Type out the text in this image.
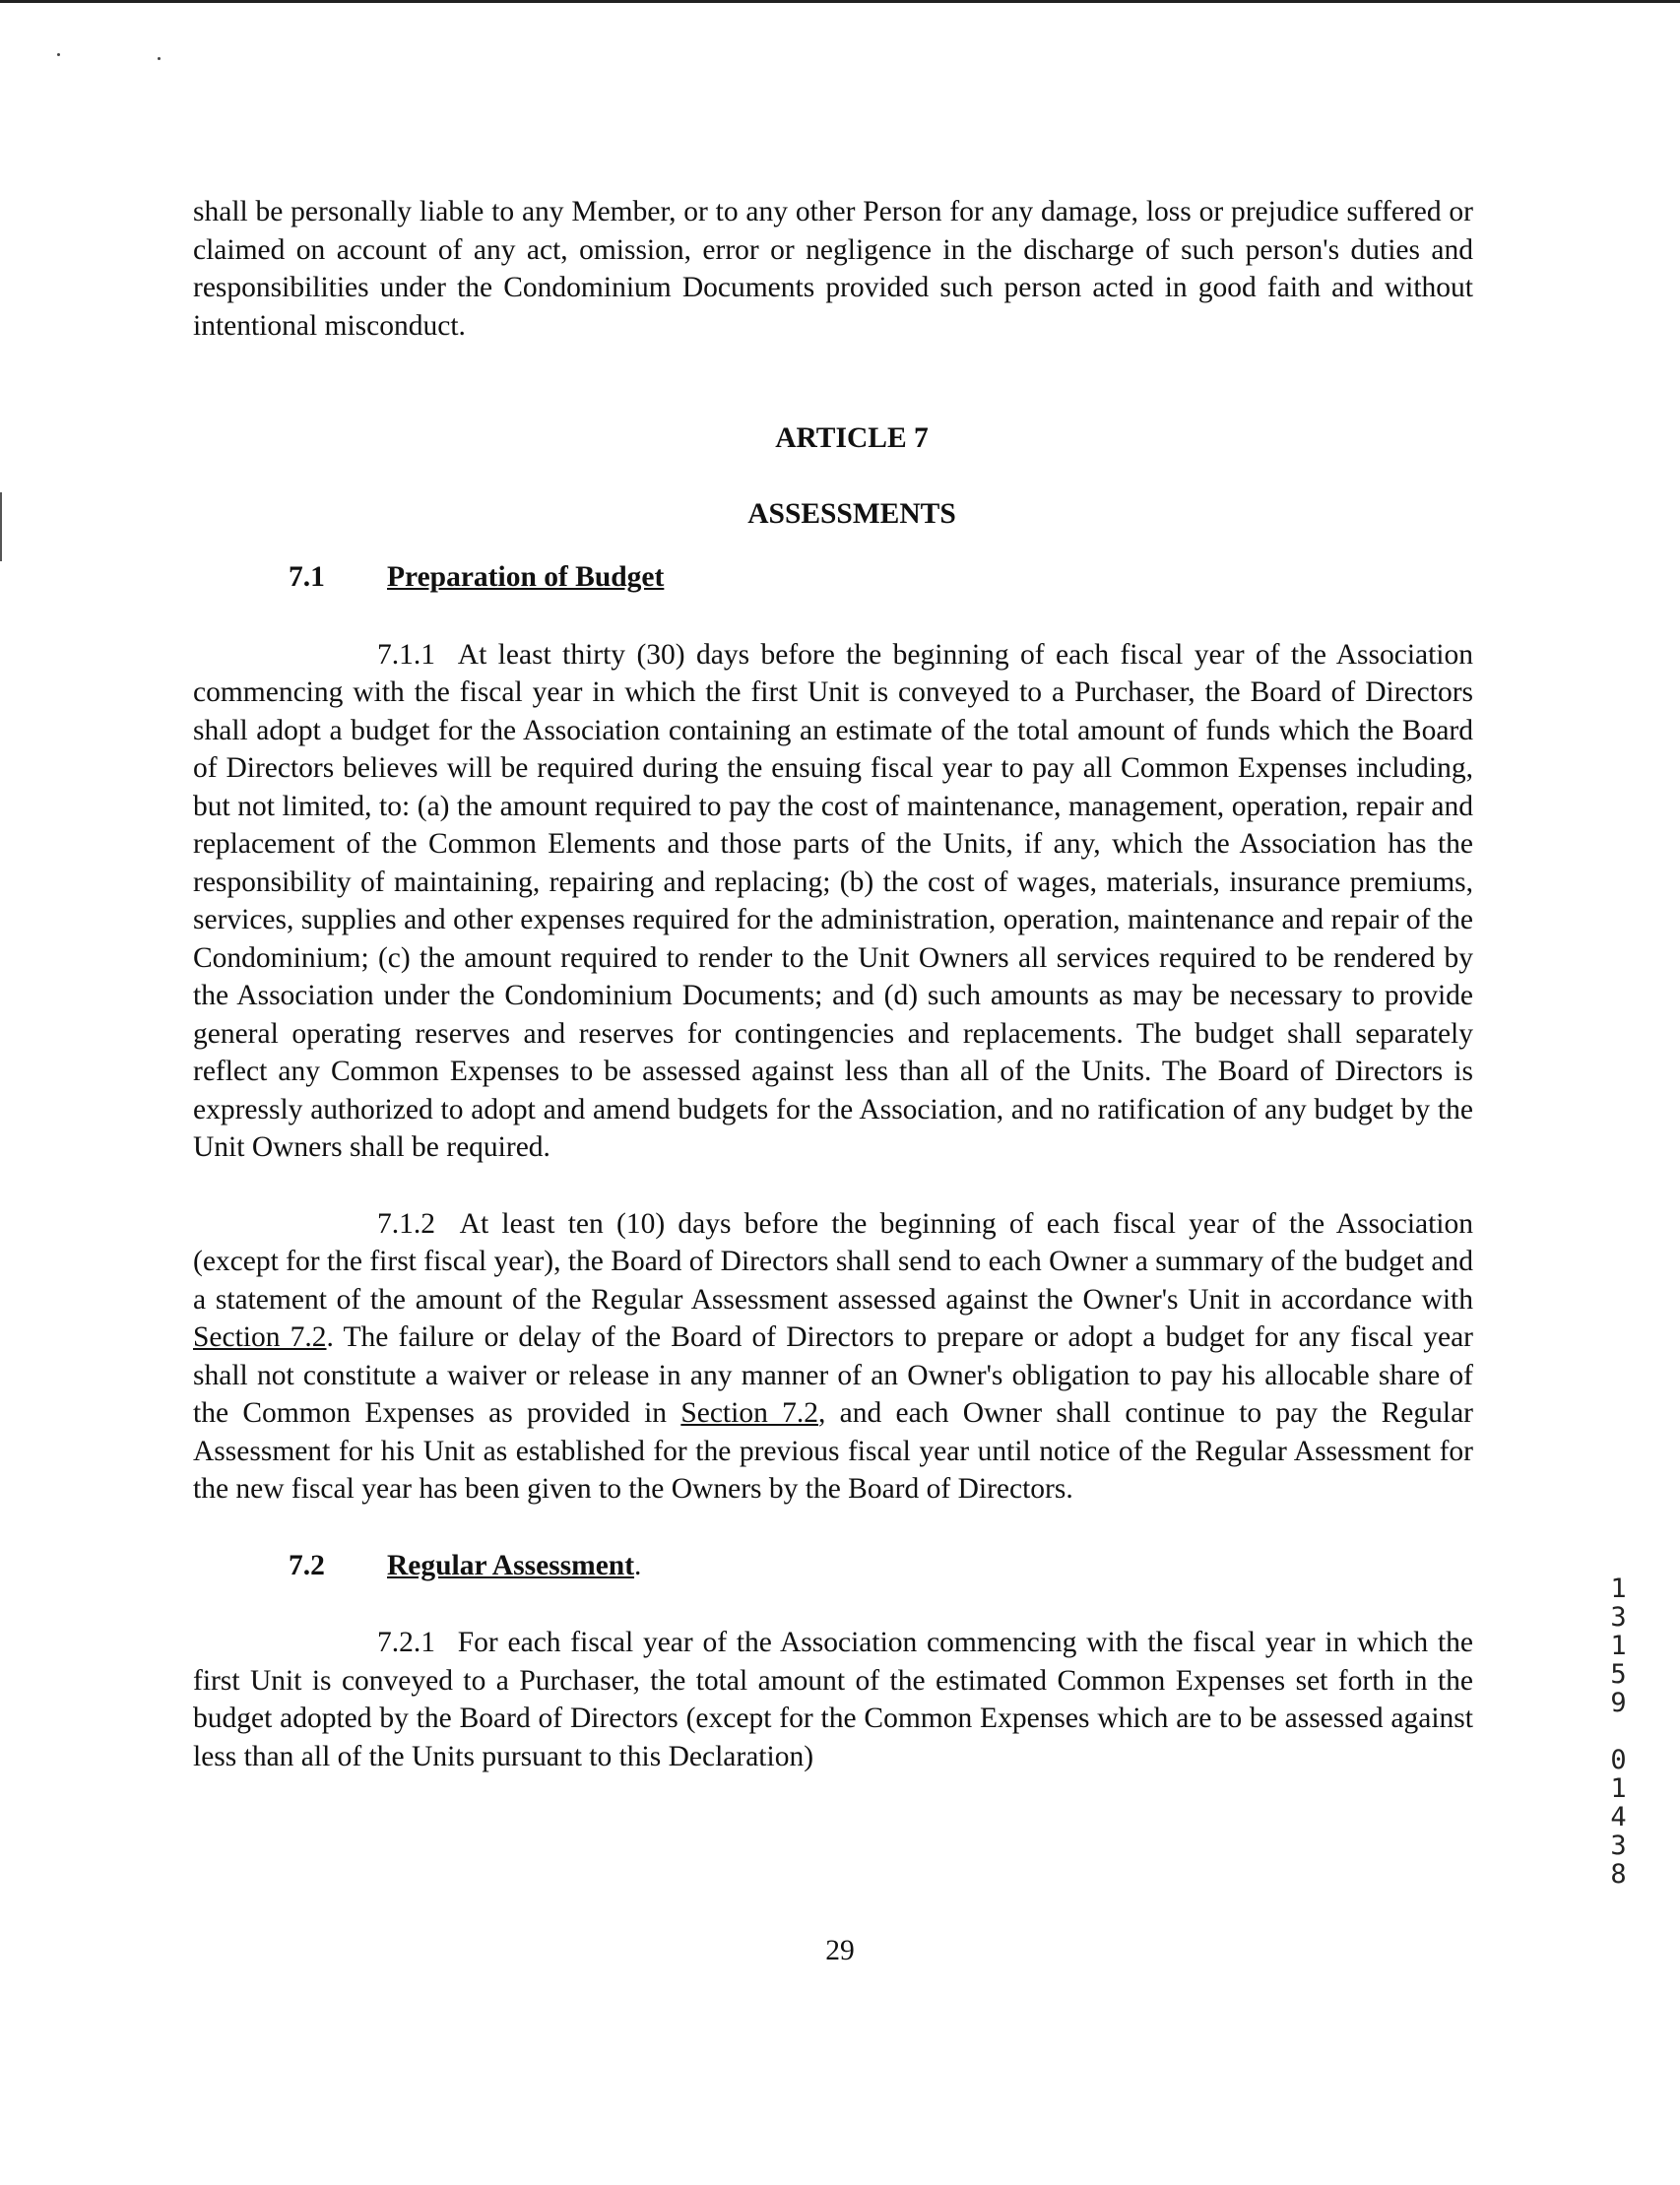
shall be personally liable to any Member, or to any other Person for any damage, loss or prejudice suffered or claimed on account of any act, omission, error or negligence in the discharge of such person's duties and responsibilities under the Condominium Documents provided such person acted in good faith and without intentional misconduct.

ARTICLE 7

ASSESSMENTS

7.1	Preparation of Budget

7.1.1 At least thirty (30) days before the beginning of each fiscal year of the Association commencing with the fiscal year in which the first Unit is conveyed to a Purchaser, the Board of Directors shall adopt a budget for the Association containing an estimate of the total amount of funds which the Board of Directors believes will be required during the ensuing fiscal year to pay all Common Expenses including, but not limited, to: (a) the amount required to pay the cost of maintenance, management, operation, repair and replacement of the Common Elements and those parts of the Units, if any, which the Association has the responsibility of maintaining, repairing and replacing; (b) the cost of wages, materials, insurance premiums, services, supplies and other expenses required for the administration, operation, maintenance and repair of the Condominium; (c) the amount required to render to the Unit Owners all services required to be rendered by the Association under the Condominium Documents; and (d) such amounts as may be necessary to provide general operating reserves and reserves for contingencies and replacements. The budget shall separately reflect any Common Expenses to be assessed against less than all of the Units. The Board of Directors is expressly authorized to adopt and amend budgets for the Association, and no ratification of any budget by the Unit Owners shall be required.

7.1.2 At least ten (10) days before the beginning of each fiscal year of the Association (except for the first fiscal year), the Board of Directors shall send to each Owner a summary of the budget and a statement of the amount of the Regular Assessment assessed against the Owner's Unit in accordance with Section 7.2. The failure or delay of the Board of Directors to prepare or adopt a budget for any fiscal year shall not constitute a waiver or release in any manner of an Owner's obligation to pay his allocable share of the Common Expenses as provided in Section 7.2, and each Owner shall continue to pay the Regular Assessment for his Unit as established for the previous fiscal year until notice of the Regular Assessment for the new fiscal year has been given to the Owners by the Board of Directors.

7.2	Regular Assessment.

7.2.1 For each fiscal year of the Association commencing with the fiscal year in which the first Unit is conveyed to a Purchaser, the total amount of the estimated Common Expenses set forth in the budget adopted by the Board of Directors (except for the Common Expenses which are to be assessed against less than all of the Units pursuant to this Declaration)

29
13159 01438
